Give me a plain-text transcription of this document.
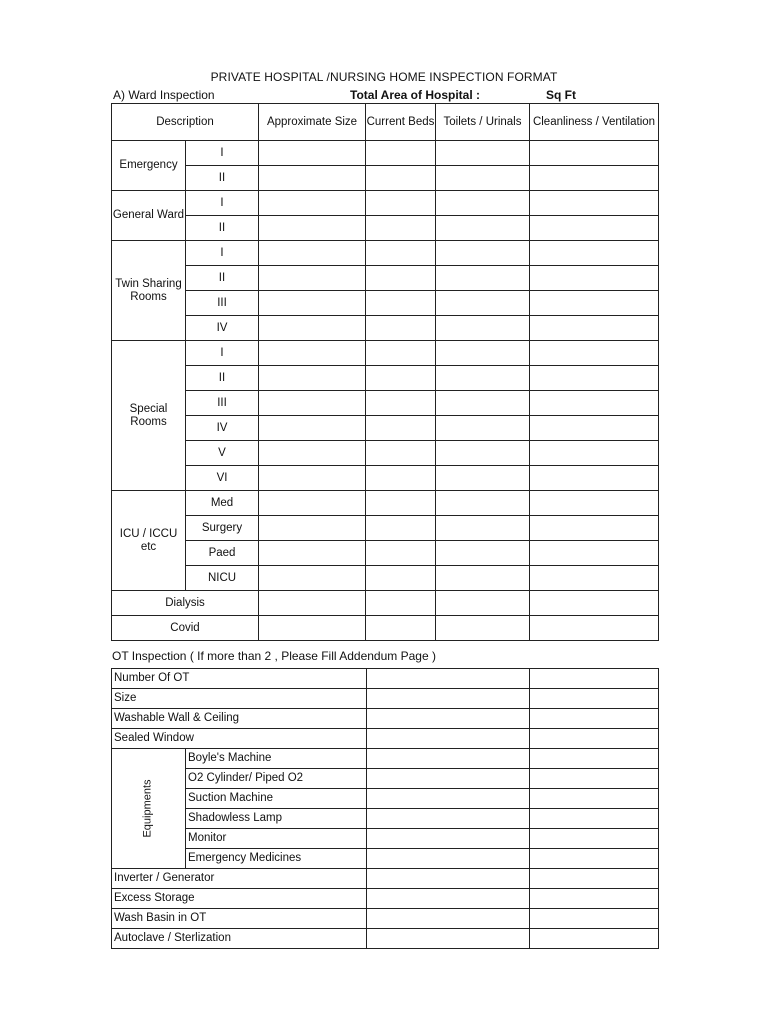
PRIVATE HOSPITAL /NURSING HOME INSPECTION FORMAT
A) Ward Inspection	Total Area of Hospital :	Sq Ft
Description		Approximate Size	Current Beds	Toilets / Urinals	Cleanliness / Ventilation
Emergency	I				
	II				
General Ward	I				
	II				
Twin Sharing Rooms	I				
	II				
	III				
	IV				
Special Rooms	I				
	II				
	III				
	IV				
	V				
	VI				
ICU / ICCU etc	Med				
	Surgery				
	Paed				
	NICU				
Dialysis					
Covid					
OT Inspection ( If more than 2 , Please Fill Addendum Page )
Number Of OT			
Size			
Washable Wall & Ceiling			
Sealed Window			
Equipments	Boyle's Machine		
	O2 Cylinder/ Piped O2		
	Suction Machine		
	Shadowless Lamp		
	Monitor		
	Emergency Medicines		
Inverter / Generator			
Excess Storage			
Wash Basin in OT			
Autoclave / Sterlization			
